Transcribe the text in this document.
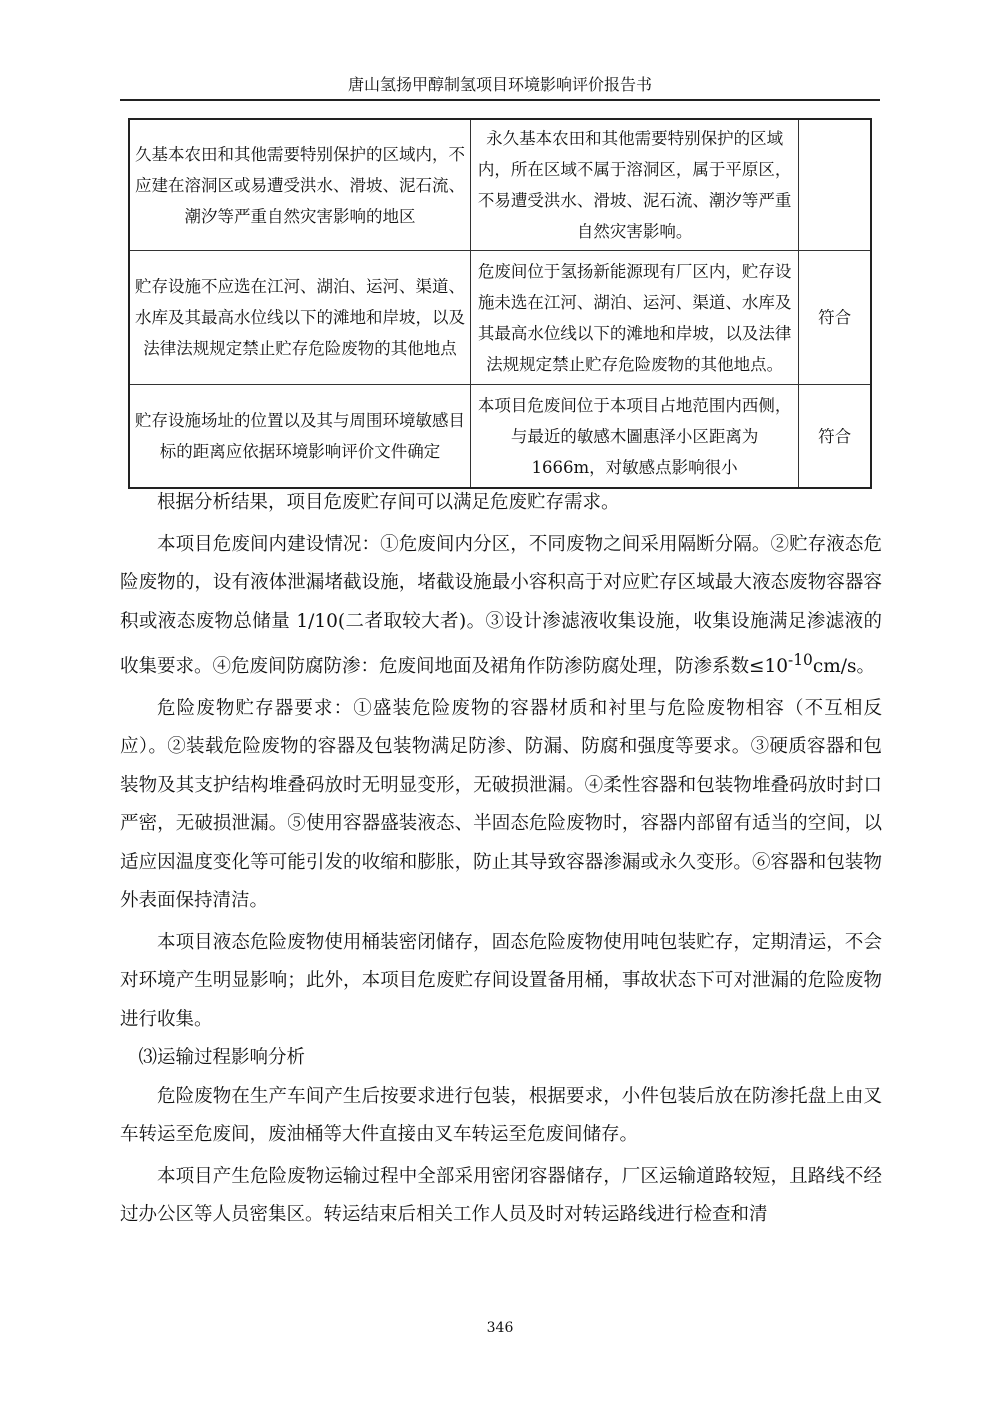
唐山氢扬甲醇制氢项目环境影响评价报告书
久基本农田和其他需要特别保护的区域内，不应建在溶洞区或易遭受洪水、滑坡、泥石流、潮汐等严重自然灾害影响的地区	永久基本农田和其他需要特别保护的区域内，所在区域不属于溶洞区，属于平原区，不易遭受洪水、滑坡、泥石流、潮汐等严重自然灾害影响。	
贮存设施不应选在江河、湖泊、运河、渠道、水库及其最高水位线以下的滩地和岸坡，以及法律法规规定禁止贮存危险废物的其他地点	危废间位于氢扬新能源现有厂区内，贮存设施未选在江河、湖泊、运河、渠道、水库及其最高水位线以下的滩地和岸坡，以及法律法规规定禁止贮存危险废物的其他地点。	符合
贮存设施场址的位置以及其与周围环境敏感目标的距离应依据环境影响评价文件确定	本项目危废间位于本项目占地范围内西侧，与最近的敏感木圖惠泽小区距离为1666m，对敏感点影响很小	符合

根据分析结果，项目危废贮存间可以满足危废贮存需求。

本项目危废间内建设情况：①危废间内分区，不同废物之间采用隔断分隔。②贮存液态危险废物的，设有液体泄漏堵截设施，堵截设施最小容积高于对应贮存区域最大液态废物容器容积或液态废物总储量 1/10(二者取较大者)。③设计渗滤液收集设施，收集设施满足渗滤液的收集要求。④危废间防腐防渗：危废间地面及裙角作防渗防腐处理，防渗系数$\le 10^{-10}cm/s$。

危险废物贮存器要求：①盛装危险废物的容器材质和衬里与危险废物相容（不互相反应）。②装载危险废物的容器及包装物满足防渗、防漏、防腐和强度等要求。③硬质容器和包装物及其支护结构堆叠码放时无明显变形，无破损泄漏。④柔性容器和包装物堆叠码放时封口严密，无破损泄漏。⑤使用容器盛装液态、半固态危险废物时，容器内部留有适当的空间，以适应因温度变化等可能引发的收缩和膨胀，防止其导致容器渗漏或永久变形。⑥容器和包装物外表面保持清洁。

本项目液态危险废物使用桶装密闭储存，固态危险废物使用吨包装贮存，定期清运，不会对环境产生明显影响；此外，本项目危废贮存间设置备用桶，事故状态下可对泄漏的危险废物进行收集。

⑶运输过程影响分析

危险废物在生产车间产生后按要求进行包装，根据要求，小件包装后放在防渗托盘上由叉车转运至危废间，废油桶等大件直接由叉车转运至危废间储存。

本项目产生危险废物运输过程中全部采用密闭容器储存，厂区运输道路较短，且路线不经过办公区等人员密集区。转运结束后相关工作人员及时对转运路线进行检查和清

346
